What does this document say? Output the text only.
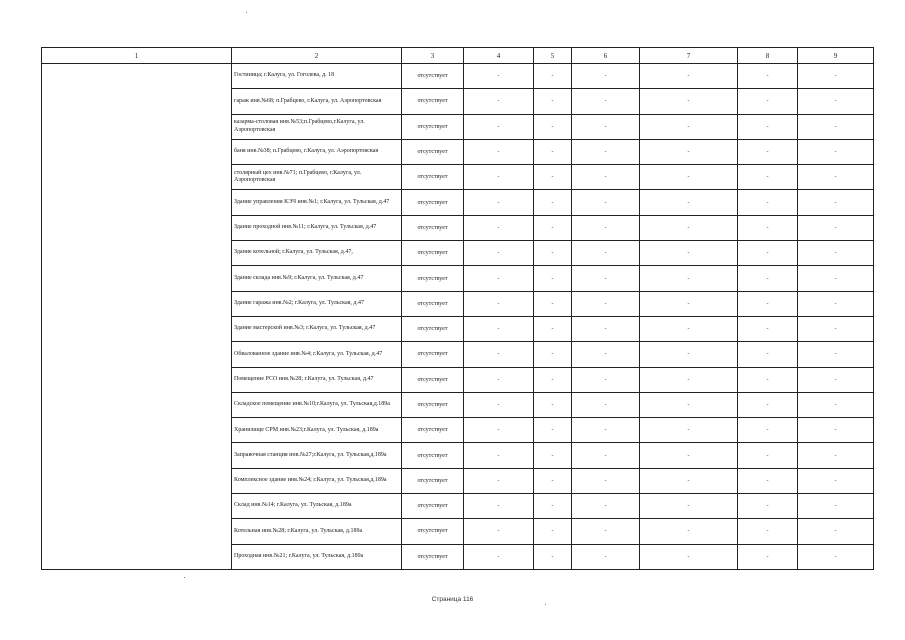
1	2	3	4	5	6	7	8	9
	Гостиница; г.Калуга, ул. Гоголева, д. 18	отсутствует	-	-	-	-	-	-
	гараж инв.№68; п.Грабцево, г.Калуга, ул. Аэропортовская	отсутствует	-	-	-	-	-	-
	казарма-столовая инв.№53;п.Грабцево,г.Калуга, ул. Аэропортовская	отсутствует	-	-	-	-	-	-
	баня инв.№38; п.Грабцево, г.Калуга, ул. Аэропортовская	отсутствует	-	-	-	-	-	-
	столярный цех инв.№71; п.Грабцево, г.Калуга, ул. Аэропортовская	отсутствует	-	-	-	-	-	-
	Здание управления КЭЧ инв.№1; г.Калуга, ул. Тульская, д.47	отсутствует	-	-	-	-	-	-
	Здание проходной инв.№11; г.Калуга, ул. Тульская, д.47	отсутствует	-	-	-	-	-	-
	Здание котельной; г.Калуга, ул. Тульская, д.47,	отсутствует	-	-	-	-	-	-
	Здание склада инв.№9; г.Калуга, ул. Тульская, д.47	отсутствует	-	-	-	-	-	-
	Здание гаража инв.№2; г.Калуга, ул. Тульская, д.47	отсутствует	-	-	-	-	-	-
	Здание мастерской инв.№3; г.Калуга, ул. Тульская, д.47	отсутствует	-	-	-	-	-	-
	Обвалованное здание инв.№4; г.Калуга, ул. Тульская, д.47	отсутствует	-	-	-	-	-	-
	Помещение РСО инв.№28; г.Калуга, ул. Тульская, д.47	отсутствует	-	-	-	-	-	-
	Складское помещение инв.№10;г.Калуга, ул. Тульская,д.189а	отсутствует	-	-	-	-	-	-
	Хранилище СРМ инв.№23;г.Калуга, ул. Тульская, д.189а	отсутствует	-	-	-	-	-	-
	Заправочная станция инв.№27;г.Калуга, ул. Тульская,д.189а	отсутствует	-	-	-	-	-	-
	Комплексное здание инв.№24; г.Калуга, ул. Тульская,д.189а	отсутствует	-	-	-	-	-	-
	Склад инв.№14; г.Калуга, ул. Тульская, д.189а	отсутствует	-	-	-	-	-	-
	Котельная инв.№28; г.Калуга, ул. Тульская, д.189а	отсутствует	-	-	-	-	-	-
	Проходная инв.№21; г.Калуга, ул. Тульская, д.189а	отсутствует	-	-	-	-	-	-
Страница 116
